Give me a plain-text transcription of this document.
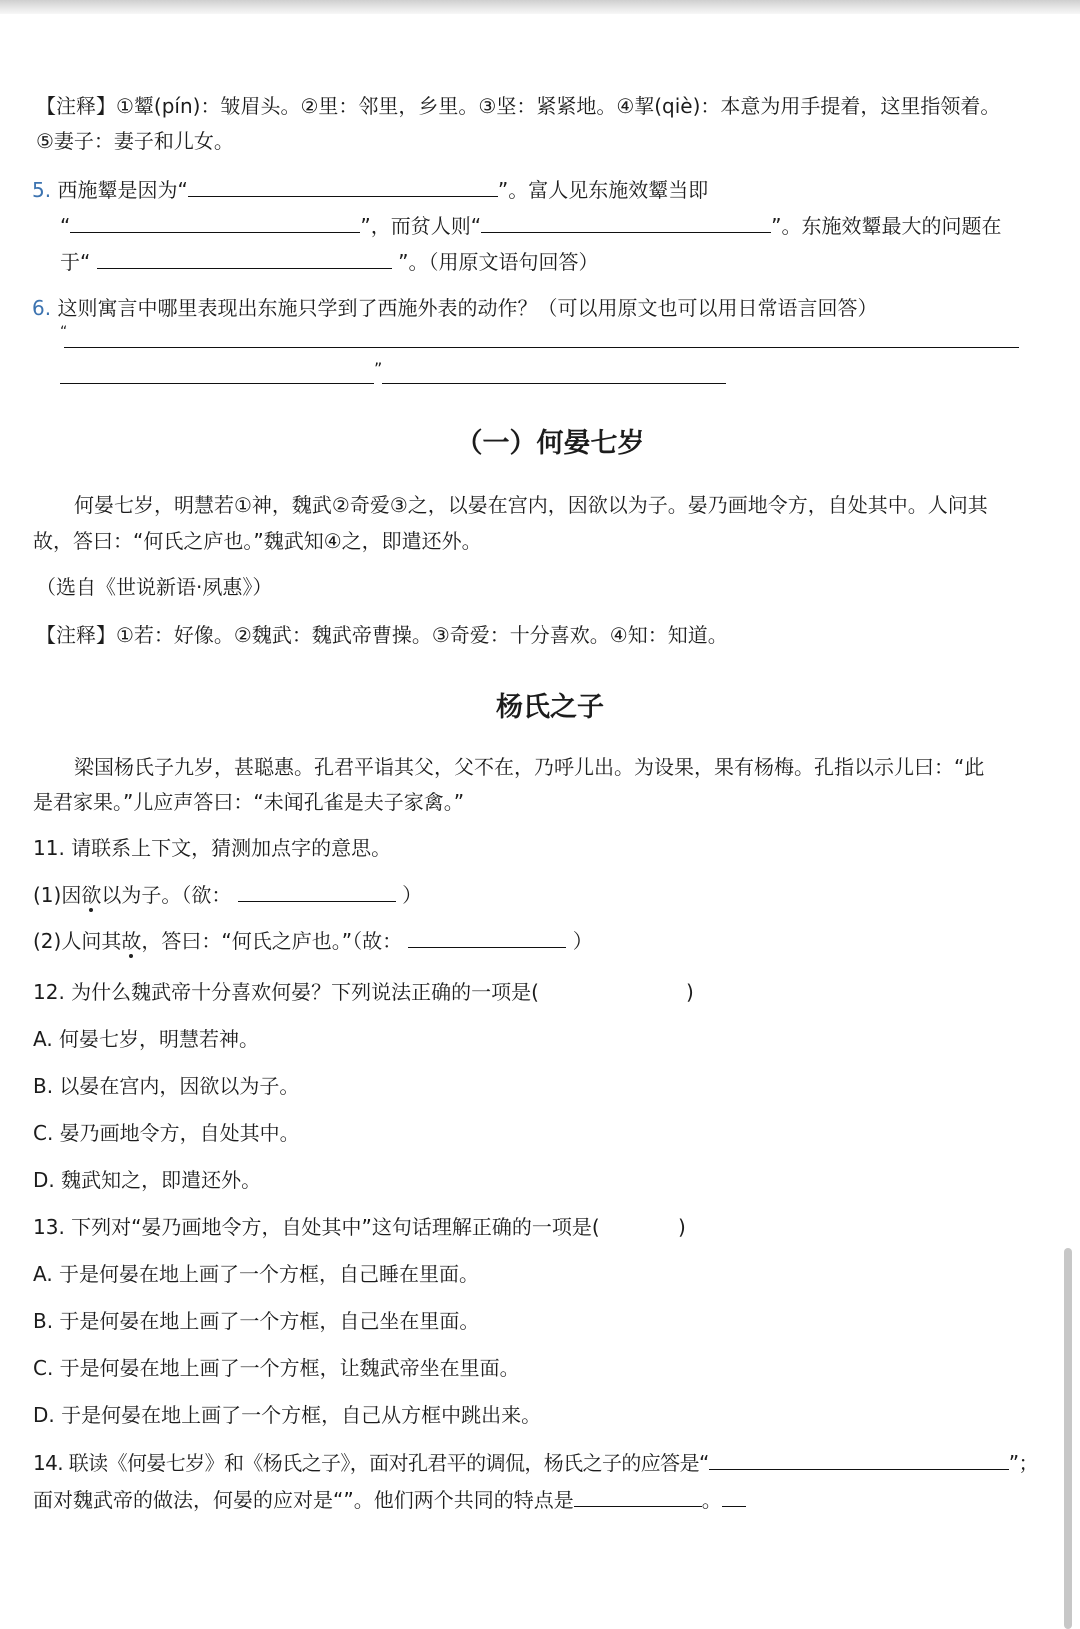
【注释】①颦(pín)：皱眉头。②里：邻里，乡里。③坚：紧紧地。④挈(qiè)：本意为用手提着，这里指领着。
⑤妻子：妻子和儿女。
5. 西施颦是因为“	”。富人见东施效颦当即
“	”，而贫人则“	”。东施效颦最大的问题在
于“	”。（用原文语句回答）
6. 这则寓言中哪里表现出东施只学到了西施外表的动作？（可以用原文也可以用日常语言回答）
“
”
（一）何晏七岁
何晏七岁，明慧若①神，魏武②奇爱③之，以晏在宫内，因欲以为子。晏乃画地令方，自处其中。人问其
故，答曰：“何氏之庐也。”魏武知④之，即遣还外。
（选自《世说新语·夙惠》）
【注释】①若：好像。②魏武：魏武帝曹操。③奇爱：十分喜欢。④知：知道。
杨氏之子
梁国杨氏子九岁，甚聪惠。孔君平诣其父，父不在，乃呼儿出。为设果，果有杨梅。孔指以示儿曰：“此
是君家果。”儿应声答曰：“未闻孔雀是夫子家禽。”
11. 请联系上下文，猜测加点字的意思。
(1)因欲以为子。（欲：	）
(2)人问其故，答曰：“何氏之庐也。”（故：	）
12. 为什么魏武帝十分喜欢何晏？下列说法正确的一项是(	)
A. 何晏七岁，明慧若神。
B. 以晏在宫内，因欲以为子。
C. 晏乃画地令方，自处其中。
D. 魏武知之，即遣还外。
13. 下列对“晏乃画地令方，自处其中”这句话理解正确的一项是(	)
A. 于是何晏在地上画了一个方框，自己睡在里面。
B. 于是何晏在地上画了一个方框，自己坐在里面。
C. 于是何晏在地上画了一个方框，让魏武帝坐在里面。
D. 于是何晏在地上画了一个方框，自己从方框中跳出来。
14. 联读《何晏七岁》和《杨氏之子》，面对孔君平的调侃，杨氏之子的应答是“	”；
面对魏武帝的做法，何晏的应对是“”。他们两个共同的特点是	。
